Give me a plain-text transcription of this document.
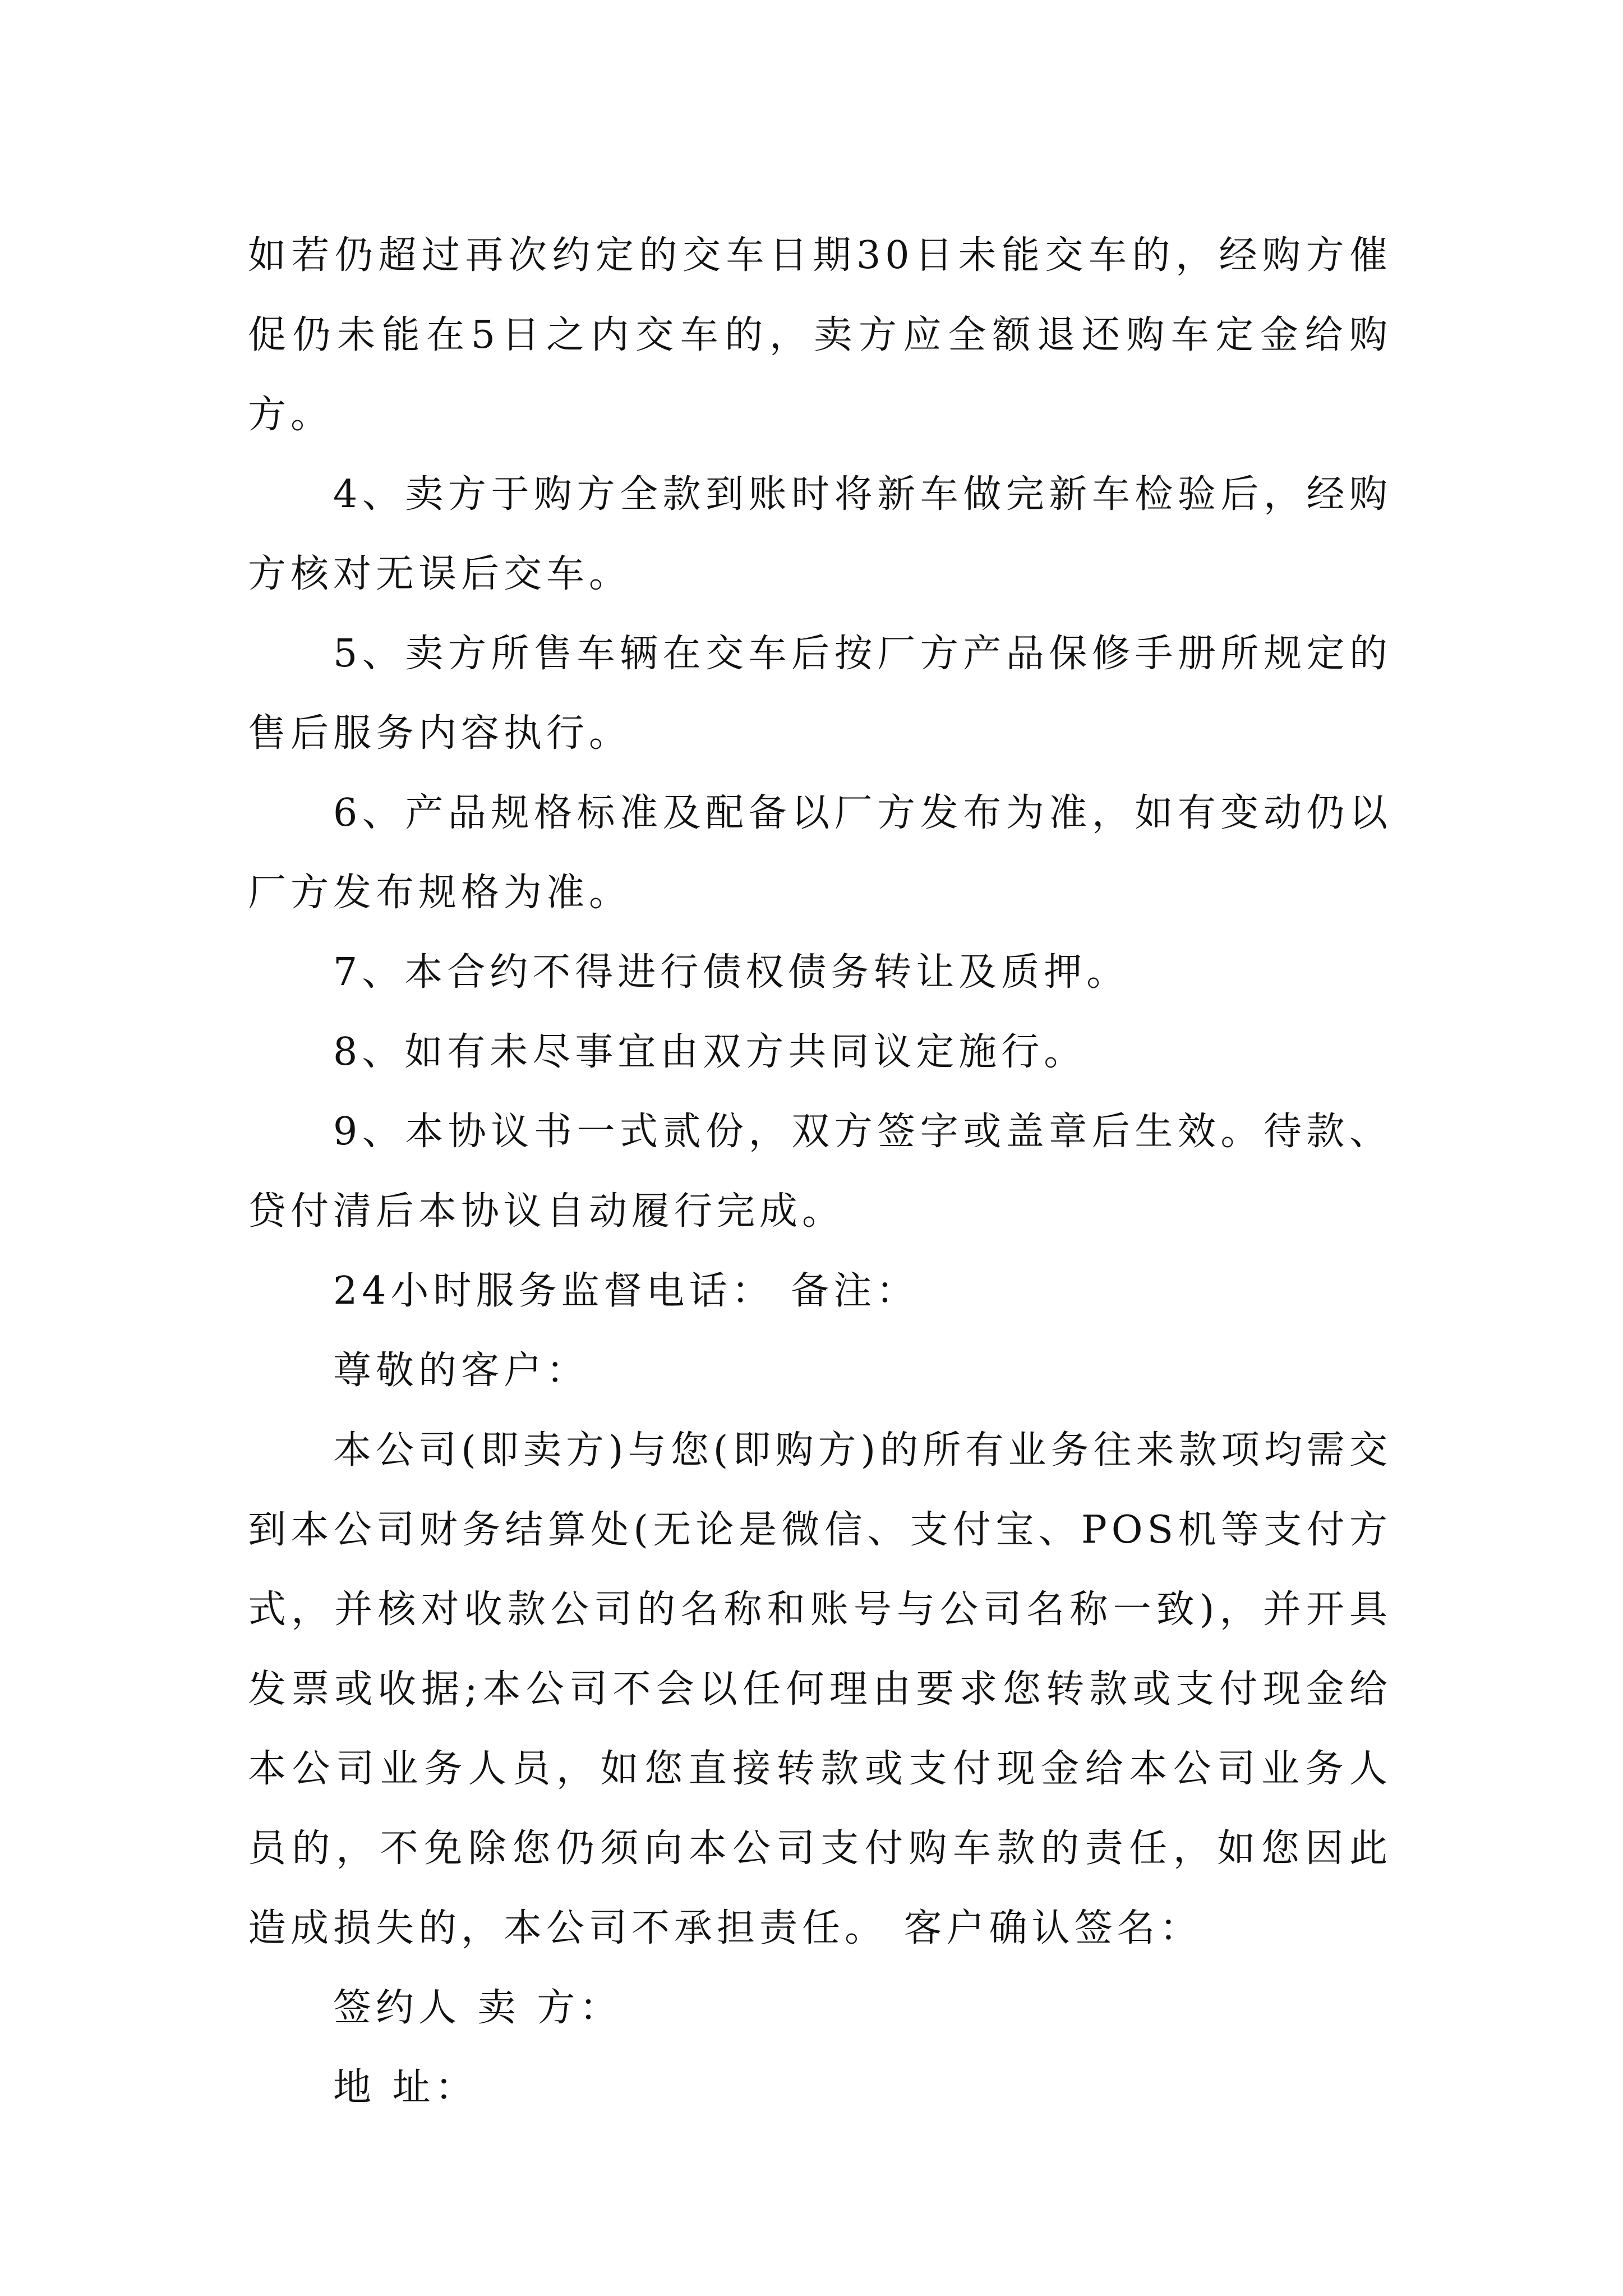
如若仍超过再次约定的交车日期30日未能交车的，经购方催促仍未能在5日之内交车的，卖方应全额退还购车定金给购方。

4、卖方于购方全款到账时将新车做完新车检验后，经购方核对无误后交车。

5、卖方所售车辆在交车后按厂方产品保修手册所规定的售后服务内容执行。

6、产品规格标准及配备以厂方发布为准，如有变动仍以厂方发布规格为准。

7、本合约不得进行债权债务转让及质押。

8、如有未尽事宜由双方共同议定施行。

9、本协议书一式贰份，双方签字或盖章后生效。待款、贷付清后本协议自动履行完成。

24小时服务监督电话： 备注：

尊敬的客户：

本公司(即卖方)与您(即购方)的所有业务往来款项均需交到本公司财务结算处(无论是微信、支付宝、POS机等支付方式，并核对收款公司的名称和账号与公司名称一致)，并开具发票或收据;本公司不会以任何理由要求您转款或支付现金给本公司业务人员，如您直接转款或支付现金给本公司业务人员的，不免除您仍须向本公司支付购车款的责任，如您因此造成损失的，本公司不承担责任。 客户确认签名：

签约人 卖 方：

地 址：
